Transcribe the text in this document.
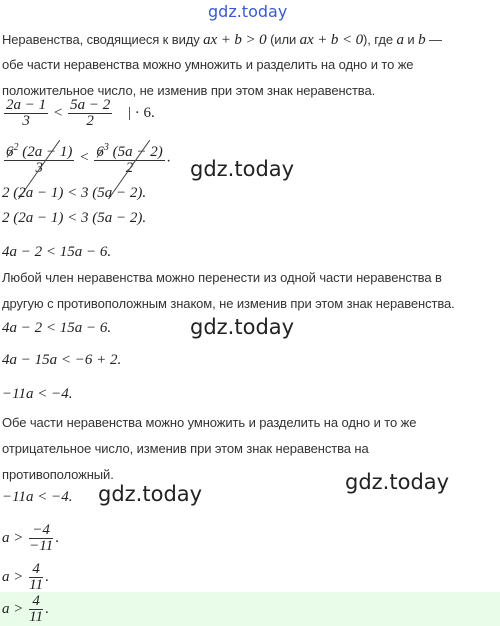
gdz.today
Неравенства, сводящиеся к виду ax + b > 0 (или ax + b < 0), где a и b —
обе части неравенства можно умножить и разделить на одно и то же
положительное число, не изменив при этом знак неравенства.
$\frac{2a - 1}{3} < \frac{5a - 2}{2}$ | · 6.
$\frac{6^2 (2a - 1)}{3} < \frac{6^3 (5a - 2)}{2}$ . gdz.today
2 (2a − 1) < 3 (5a − 2).
2 (2a − 1) < 3 (5a − 2).
4a − 2 < 15a − 6.
Любой член неравенства можно перенести из одной части неравенства в
другую с противоположным знаком, не изменив при этом знак неравенства.
4a − 2 < 15a − 6.	gdz.today
4a − 15a < −6 + 2.
−11a < −4.
Обе части неравенства можно умножить и разделить на одно и то же
отрицательное число, изменив при этом знак неравенства на
противоположный.
−11a < −4. gdz.today	gdz.today
$a > \frac{-4}{-11}$ .
$a > \frac{4}{11}$ .
$a > \frac{4}{11}$ .
